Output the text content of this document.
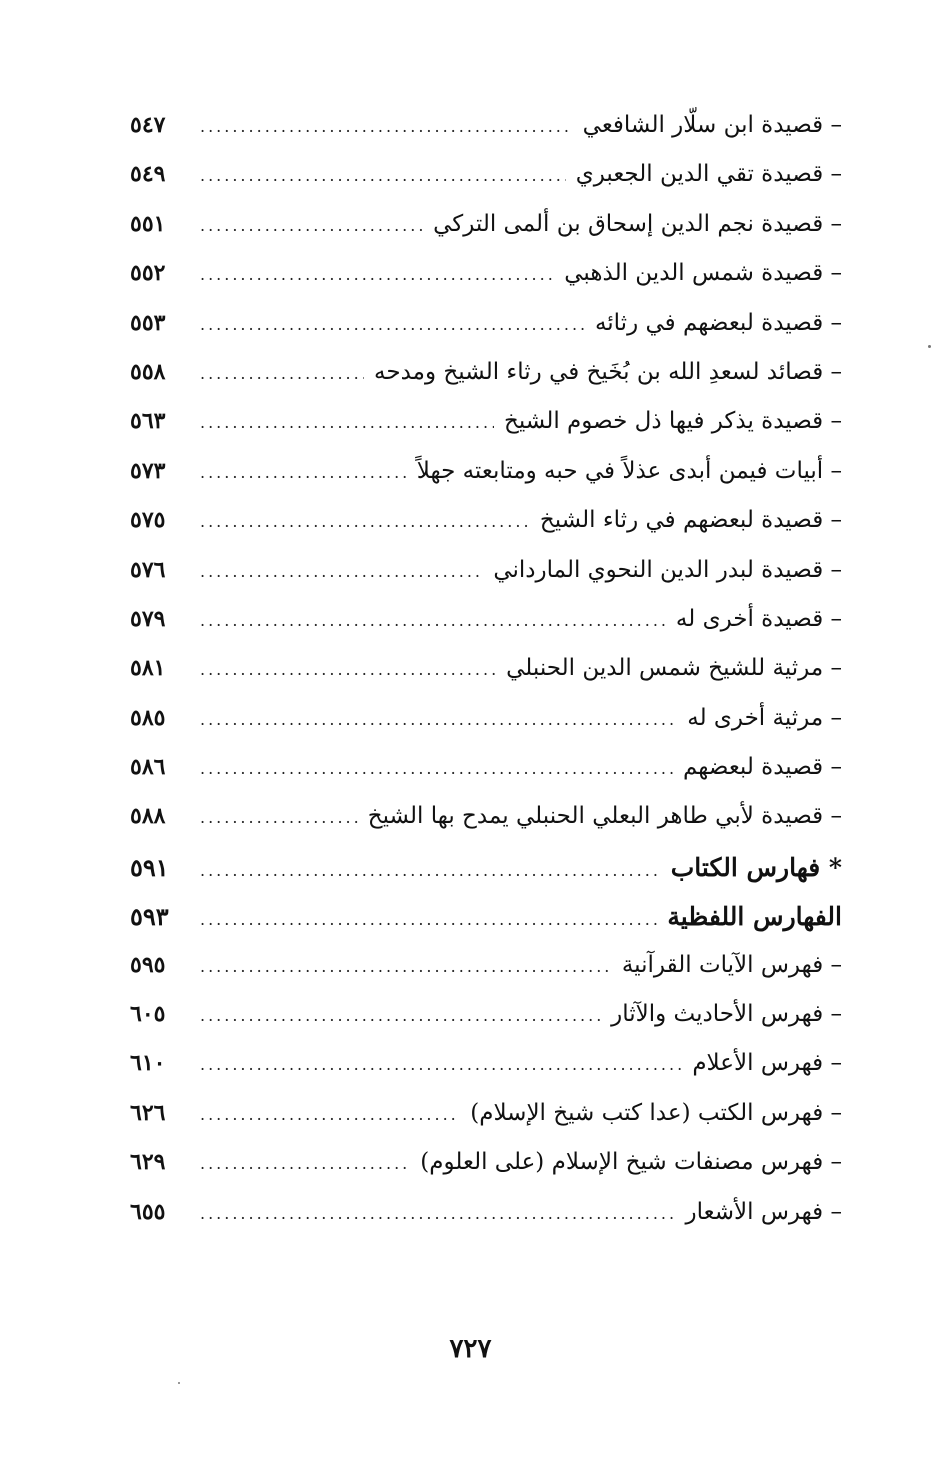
– قصيدة ابن سلّار الشافعي
.....
٥٤٧
– قصيدة تقي الدين الجعبري
.....
٥٤٩
– قصيدة نجم الدين إسحاق بن ألمى التركي
.....
٥٥١
– قصيدة شمس الدين الذهبي
.....
٥٥٢
– قصيدة لبعضهم في رثائه
.....
٥٥٣
– قصائد لسعدِ الله بن بُخَيخ في رثاء الشيخ ومدحه
.....
٥٥٨
– قصيدة يذكر فيها ذل خصوم الشيخ
.....
٥٦٣
– أبيات فيمن أبدى عذلاً في حبه ومتابعته جهلاً
.....
٥٧٣
– قصيدة لبعضهم في رثاء الشيخ
.....
٥٧٥
– قصيدة لبدر الدين النحوي المارداني
.....
٥٧٦
– قصيدة أخرى له
.....
٥٧٩
– مرثية للشيخ شمس الدين الحنبلي
.....
٥٨١
– مرثية أخرى له
.....
٥٨٥
– قصيدة لبعضهم
.....
٥٨٦
– قصيدة لأبي طاهر البعلي الحنبلي يمدح بها الشيخ
.....
٥٨٨
* فهارس الكتاب
.....
٥٩١
الفهارس اللفظية
.....
٥٩٣
– فهرس الآيات القرآنية
.....
٥٩٥
– فهرس الأحاديث والآثار
.....
٦٠٥
– فهرس الأعلام
.....
٦١٠
– فهرس الكتب (عدا كتب شيخ الإسلام)
.....
٦٢٦
– فهرس مصنفات شيخ الإسلام (على العلوم)
.....
٦٢٩
– فهرس الأشعار
.....
٦٥٥
٧٢٧
